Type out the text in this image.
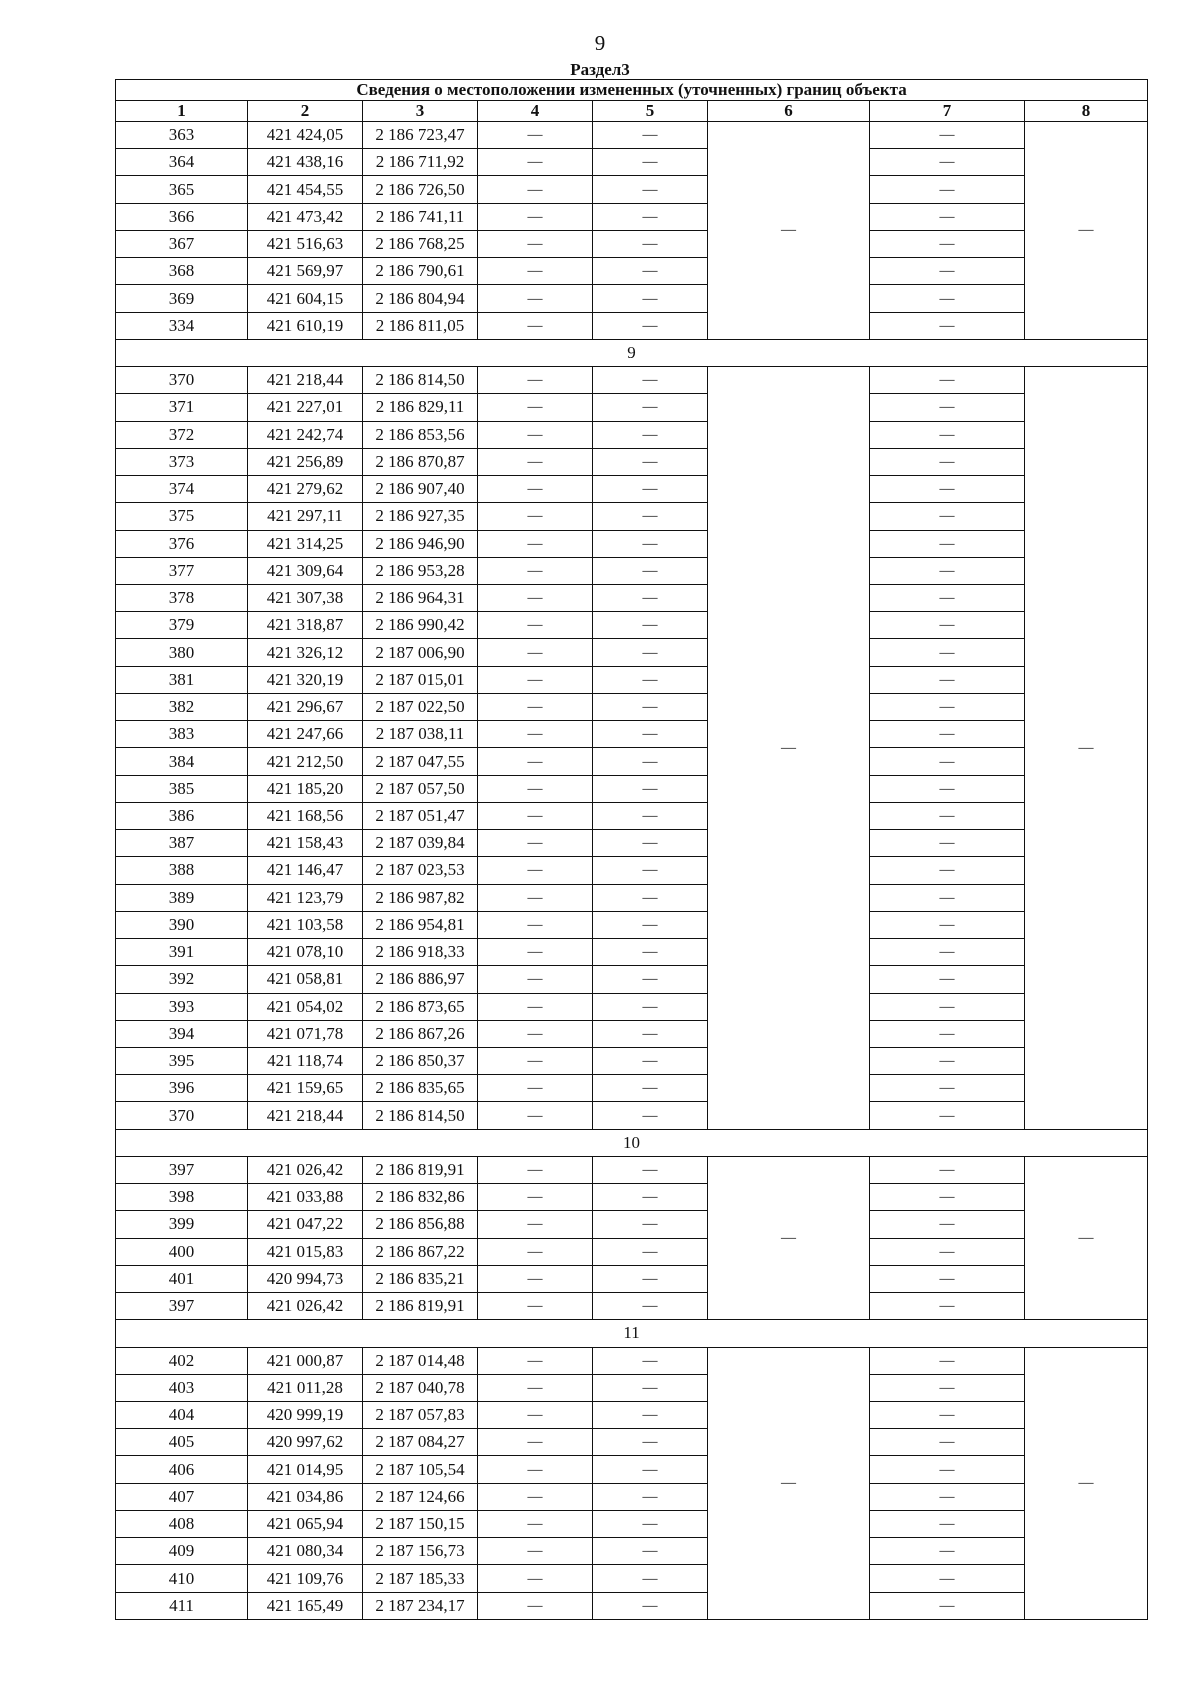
9
Раздел3
Сведения о местоположении измененных (уточненных) границ объекта							
1	2	3	4	5	6	7	8
363	421 424,05	2 186 723,47	—	—	—	—	—
364	421 438,16	2 186 711,92	—	—		—	
365	421 454,55	2 186 726,50	—	—		—	
366	421 473,42	2 186 741,11	—	—		—	
367	421 516,63	2 186 768,25	—	—		—	
368	421 569,97	2 186 790,61	—	—		—	
369	421 604,15	2 186 804,94	—	—		—	
334	421 610,19	2 186 811,05	—	—		—	
9							
370	421 218,44	2 186 814,50	—	—	—	—	—
371	421 227,01	2 186 829,11	—	—		—	
372	421 242,74	2 186 853,56	—	—		—	
373	421 256,89	2 186 870,87	—	—		—	
374	421 279,62	2 186 907,40	—	—		—	
375	421 297,11	2 186 927,35	—	—		—	
376	421 314,25	2 186 946,90	—	—		—	
377	421 309,64	2 186 953,28	—	—		—	
378	421 307,38	2 186 964,31	—	—		—	
379	421 318,87	2 186 990,42	—	—		—	
380	421 326,12	2 187 006,90	—	—		—	
381	421 320,19	2 187 015,01	—	—		—	
382	421 296,67	2 187 022,50	—	—		—	
383	421 247,66	2 187 038,11	—	—		—	
384	421 212,50	2 187 047,55	—	—		—	
385	421 185,20	2 187 057,50	—	—		—	
386	421 168,56	2 187 051,47	—	—		—	
387	421 158,43	2 187 039,84	—	—		—	
388	421 146,47	2 187 023,53	—	—		—	
389	421 123,79	2 186 987,82	—	—		—	
390	421 103,58	2 186 954,81	—	—		—	
391	421 078,10	2 186 918,33	—	—		—	
392	421 058,81	2 186 886,97	—	—		—	
393	421 054,02	2 186 873,65	—	—		—	
394	421 071,78	2 186 867,26	—	—		—	
395	421 118,74	2 186 850,37	—	—		—	
396	421 159,65	2 186 835,65	—	—		—	
370	421 218,44	2 186 814,50	—	—		—	
10							
397	421 026,42	2 186 819,91	—	—	—	—	—
398	421 033,88	2 186 832,86	—	—		—	
399	421 047,22	2 186 856,88	—	—		—	
400	421 015,83	2 186 867,22	—	—		—	
401	420 994,73	2 186 835,21	—	—		—	
397	421 026,42	2 186 819,91	—	—		—	
11							
402	421 000,87	2 187 014,48	—	—	—	—	—
403	421 011,28	2 187 040,78	—	—		—	
404	420 999,19	2 187 057,83	—	—		—	
405	420 997,62	2 187 084,27	—	—		—	
406	421 014,95	2 187 105,54	—	—		—	
407	421 034,86	2 187 124,66	—	—		—	
408	421 065,94	2 187 150,15	—	—		—	
409	421 080,34	2 187 156,73	—	—		—	
410	421 109,76	2 187 185,33	—	—		—	
411	421 165,49	2 187 234,17	—	—		—	
